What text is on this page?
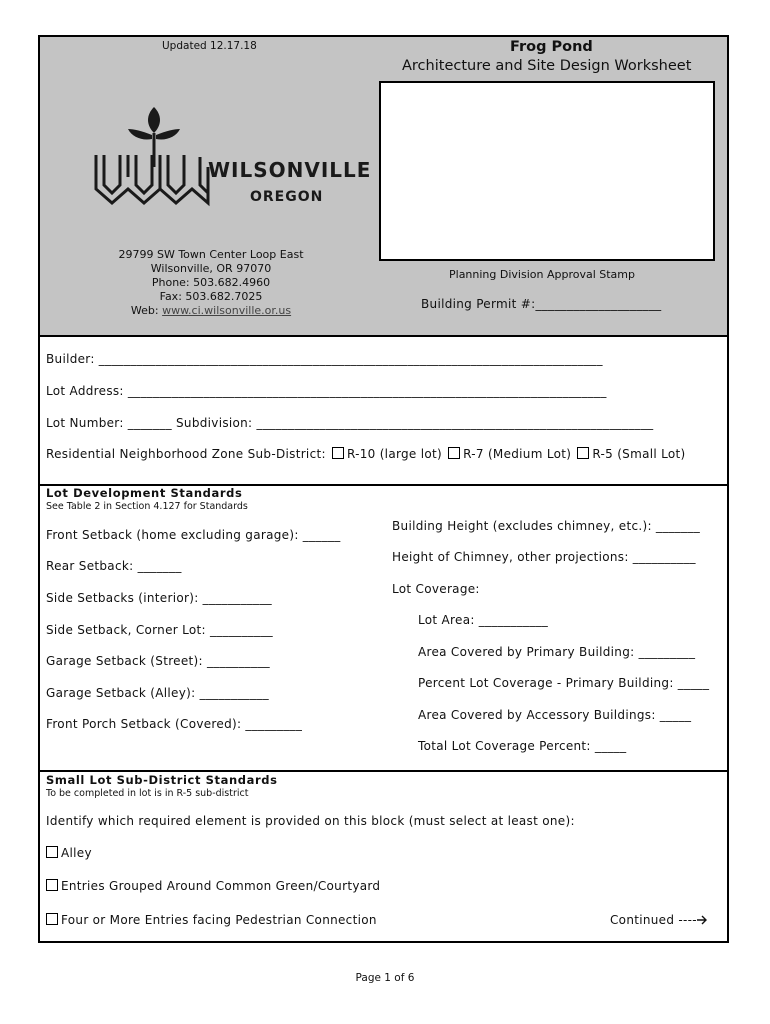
Updated 12.17.18	Frog Pond
Architecture and Site Design Worksheet
WILSONVILLE
OREGON
29799 SW Town Center Loop East
Wilsonville, OR 97070
Phone: 503.682.4960
Fax: 503.682.7025
Web: www.ci.wilsonville.or.us
Planning Division Approval Stamp
Building Permit #:____________________
Builder: ________________________________________________________________________________
Lot Address: ____________________________________________________________________________
Lot Number: _______ Subdivision: _______________________________________________________________
Residential Neighborhood Zone Sub-District: R-10 (large lot) R-7 (Medium Lot) R-5 (Small Lot)
Lot Development Standards
See Table 2 in Section 4.127 for Standards
Front Setback (home excluding garage): ______
Rear Setback: _______
Side Setbacks (interior): ___________
Side Setback, Corner Lot: __________
Garage Setback (Street): __________
Garage Setback (Alley): ___________
Front Porch Setback (Covered): _________
Building Height (excludes chimney, etc.): _______
Height of Chimney, other projections: __________
Lot Coverage:
Lot Area: ___________
Area Covered by Primary Building: _________
Percent Lot Coverage - Primary Building: _____
Area Covered by Accessory Buildings: _____
Total Lot Coverage Percent: _____
Small Lot Sub-District Standards
To be completed in lot is in R-5 sub-district
Identify which required element is provided on this block (must select at least one):
Alley
Entries Grouped Around Common Green/Courtyard
Four or More Entries facing Pedestrian Connection	Continued ----
Page 1 of 6
